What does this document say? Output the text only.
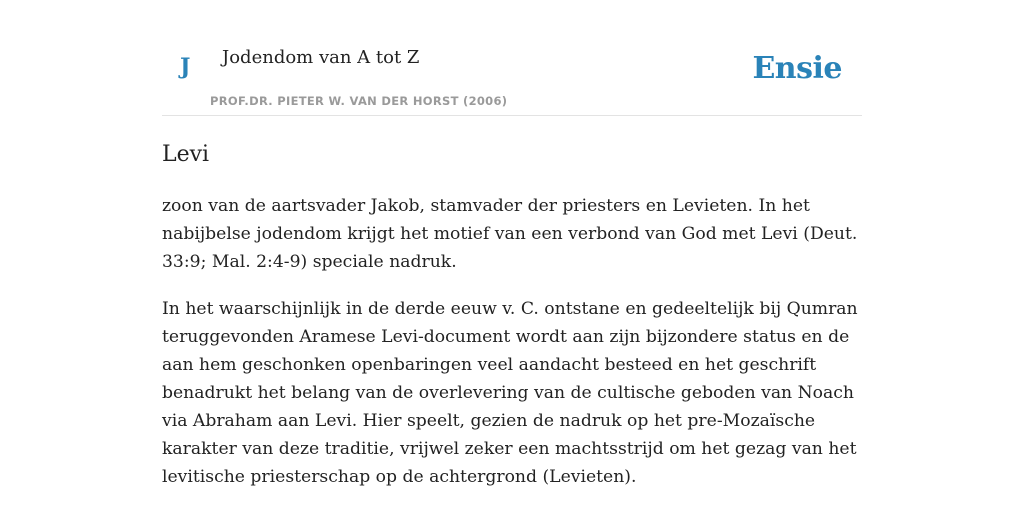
J Jodendom van A tot Z
PROF.DR. PIETER W. VAN DER HORST (2006)
Ensie
Levi

zoon van de aartsvader Jakob, stamvader der priesters en Levieten. In het nabijbelse jodendom krijgt het motief van een verbond van God met Levi (Deut. 33:9; Mal. 2:4-9) speciale nadruk.

In het waarschijnlijk in de derde eeuw v. C. ontstane en gedeeltelijk bij Qumran teruggevonden Aramese Levi-document wordt aan zijn bijzondere status en de aan hem geschonken openbaringen veel aandacht besteed en het geschrift benadrukt het belang van de overlevering van de cultische geboden van Noach via Abraham aan Levi. Hier speelt, gezien de nadruk op het pre-Mozaïsche karakter van deze traditie, vrijwel zeker een machtsstrijd om het gezag van het levitische priesterschap op de achtergrond (Levieten).
